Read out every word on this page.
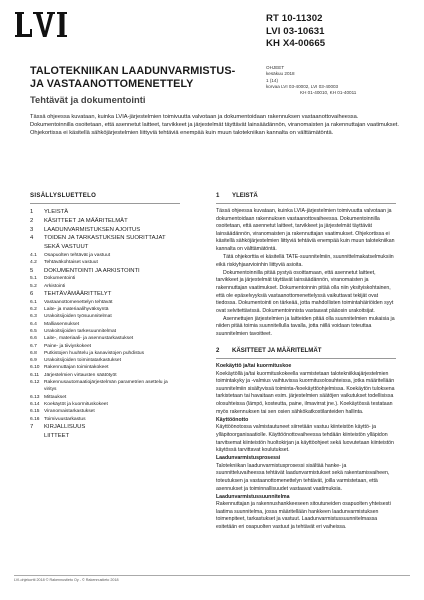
RT 10-11302
LVI 03-10631
KH X4-00665
OHJEET
kesäkuu 2018
1 (14)
korvaa LVI 03-40002, LVI 03-40003
KH 01-40010, KH 01-40011
TALOTEKNIIKAN LAADUNVARMISTUS-
JA VASTAANOTTOMENETTELY
Tehtävät ja dokumentointi

Tässä ohjeessa kuvataan, kuinka LVIA-järjestelmien toimivuutta valvotaan ja dokumentoidaan rakennuksen vastaanottovaiheessa. Dokumentoinnilla osoitetaan, että asennetut laitteet, tarvikkeet ja järjestelmät täyttävät lainsäädännön, viranomaisten ja rakennuttajan vaatimukset. Ohjekortissa ei käsitellä sähköjärjestelmien liittyviä tehtäviä enempää kuin muun talotekniikan kannalta on välttämätöntä.

SISÄLLYSLUETTELO
1	YLEISTÄ
2	KÄSITTEET JA MÄÄRITELMÄT
3	LAADUNVARMISTUKSEN AJOITUS
4	TOIDEN JA TARKASTUKSIEN SUORITTAJAT SEKÄ VASTUUT
4.1	Osapuolten tehtävät ja vastuut
4.2	Tehtäväkohtaiset vastuut
5	DOKUMENTOINTI JA ARKISTOINTI
5.1	Dokumentointi
5.2	Arkistointi
6	TEHTÄVÄMÄÄRITTELYT
6.1	Vastaanottomenettelyn tehtävät
6.2	Laite- ja materiaalihyväksyntä
6.3	Urakoitsijoiden työsuunnitelmat
6.4	Malliasennukset
6.5	Urakoitsijoiden tarkesuunnitelmat
6.6	Laite-, materiaali- ja asennustarkastukset
6.7	Paine- ja tiiviyskokeet
6.8	Putkistojen huuhtelu ja kanavistojen puhdistus
6.9	Urakoitsijoiden toimintatarkastukset
6.10 Rakennuttajan toimintakokeet
6.11 Järjestelmien virtausten säätötyöt
6.12 Rakennusautomaatiojärjestelmän parametrien asettelu ja viritys
6.13 Mittaukset
6.14 Koekäytöt ja kuormituskokeet
6.15 Viranomaistarkastukset
6.16 Toimivuustarkastus
7	KIRJALLISUUS
LIITTEET
1	YLEISTÄ

Tässä ohjeessa kuvataan, kuinka LVIA-järjestelmien toimivuutta valvotaan ja dokumentoidaan rakennuksen vastaanottovaiheessa. Dokumentoinnilla osoitetaan, että asennetut laitteet, tarvikkeet ja järjestelmät täyttävät lainsäädännön, viranomaisten ja rakennuttajan vaatimukset. Ohjekortissa ei käsitellä sähköjärjestelmien liittyviä tehtäviä enempää kuin muun talotekniikan kannalta on välttämätöntä.

Tätä ohjekorttia ei käsitellä TATE-suunnitelmiin, suunnittelmakatselmuksiin eikä riskiyhjaarvioinhin liittyviä asioita.

Dokumentoinnilla pitää pystyä osoittamaan, että asennetut laitteet, tarvikkeet ja järjestelmät täyttävät lainsäädännön, viranomaisten ja rakennuttajan vaatimukset. Dokumentoinnin pitää olla niin yksityiskohtainen, että ole epäselvyyksiä vastaanottomenettelyssä vaikuttavat tekijät ovat tiedossa. Dokumentointi on tärkeää, jotta mahdollisten toimintahäiriöiden syyt ovat selvitettävissä. Dokumentoinnista vastaavat pääosin urakoitsijat.

Asennettujen järjestelmien ja laitteiden pitää olla suunnitelmien mukaisia ja niiden pitää toimia suunnitellulla tavalla, jotta niillä voidaan toteuttaa suunnitelmien tavoitteet.

2	KÄSITTEET JA MÄÄRITELMÄT
Koekäyttö ja/tai kuormituskoe

Koekäytöllä ja/tai kuormituskokeella varmistetaan talotekniikkajärjestelmien toimintakyky ja -valmius vaihtuvissa kuormitusolosuhteissa, jotka määritellään suunnitelmiin sisältyvissä toiminta-/koekäyttöohjelmissa. Koekäytön tuloksena tarkistetaan tai havaitaan esim. järjestelmien säätöjen vaikutukset todellisissa olosuhteissa (lämpö, kosteutta, paine, ilmavirrat jne.). Koekäytössä testataan myös rakennuksen tai sen osien sähkökatkostilanteiden hallinta.

Käyttöönotto

Käyttöönotossa valmistautuneet siirretään vastuu kiinteistön käyttö- ja ylläpitoorganisaatiolle. Käyttöönottovaiheessa tehdään kiinteistön ylläpidon tarvitsemat kiinteistön huoltokirjan ja käyttöohjeet sekä luovutetaan kiinteistön käytössä tarvittavat koulutukset.

Laadunvarmistusprosessi

Talotekniikan laadunvarmistusprosessi sisältää hanke- ja suunnitteluvaiheessa tehtävät laadunvarmistukset sekä rakentamisvaiheen, toteutuksen ja vastaanottomenettelyn tehtävät, joilla varmistetaan, että asennukset ja toiminnallisuudet vastaavat vaatimuksia.

Laadunvarmistussuunnitelma

Rakennuttajan ja rakennushankkeeseen sitoutuneiden osapuolten yhteisesti laatima suunnitelma, jossa määritellään hankkeen laadunvarmistuksen toimenpiteet, tarkastukset ja vastuut. Laadunvarmistussuunnitelmassa esitetään eri osapuolten vastuut ja tehtävät eri vaiheissa.

LVI-ohjekortti 2018 © Rakennustieto Oy - © Rakennustieto 2018
